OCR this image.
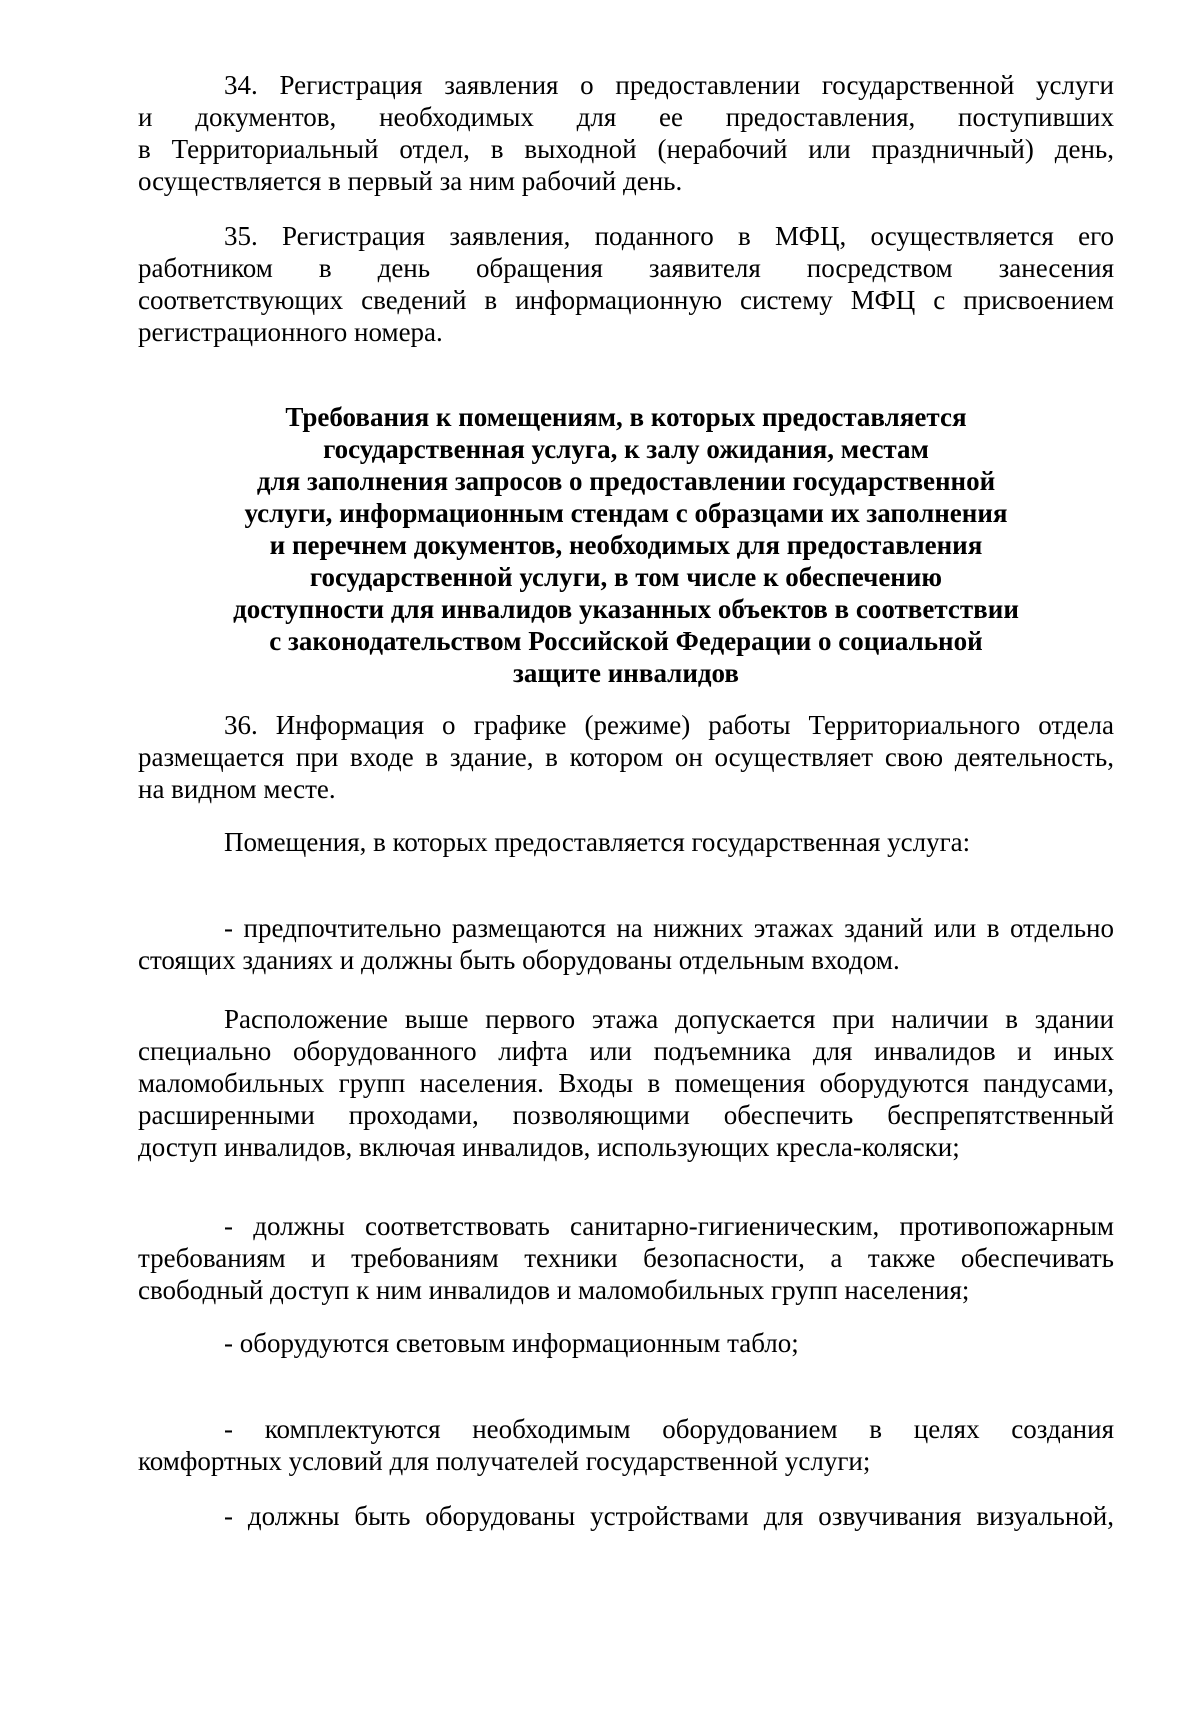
34. Регистрация заявления о предоставлении государственной услуги
и документов, необходимых для ее предоставления, поступивших
в Территориальный отдел, в выходной (нерабочий или праздничный) день,
осуществляется в первый за ним рабочий день.
35. Регистрация заявления, поданного в МФЦ, осуществляется его
работником в день обращения заявителя посредством занесения
соответствующих сведений в информационную систему МФЦ с присвоением
регистрационного номера.
Требования к помещениям, в которых предоставляется
государственная услуга, к залу ожидания, местам
для заполнения запросов о предоставлении государственной
услуги, информационным стендам с образцами их заполнения
и перечнем документов, необходимых для предоставления
государственной услуги, в том числе к обеспечению
доступности для инвалидов указанных объектов в соответствии
с законодательством Российской Федерации о социальной
защите инвалидов
36. Информация о графике (режиме) работы Территориального отдела
размещается при входе в здание, в котором он осуществляет свою деятельность,
на видном месте.
Помещения, в которых предоставляется государственная услуга:
- предпочтительно размещаются на нижних этажах зданий или в отдельно
стоящих зданиях и должны быть оборудованы отдельным входом.
Расположение выше первого этажа допускается при наличии в здании
специально оборудованного лифта или подъемника для инвалидов и иных
маломобильных групп населения. Входы в помещения оборудуются пандусами,
расширенными проходами, позволяющими обеспечить беспрепятственный
доступ инвалидов, включая инвалидов, использующих кресла-коляски;
- должны соответствовать санитарно-гигиеническим, противопожарным
требованиям и требованиям техники безопасности, а также обеспечивать
свободный доступ к ним инвалидов и маломобильных групп населения;
- оборудуются световым информационным табло;
- комплектуются необходимым оборудованием в целях создания
комфортных условий для получателей государственной услуги;
- должны быть оборудованы устройствами для озвучивания визуальной,
